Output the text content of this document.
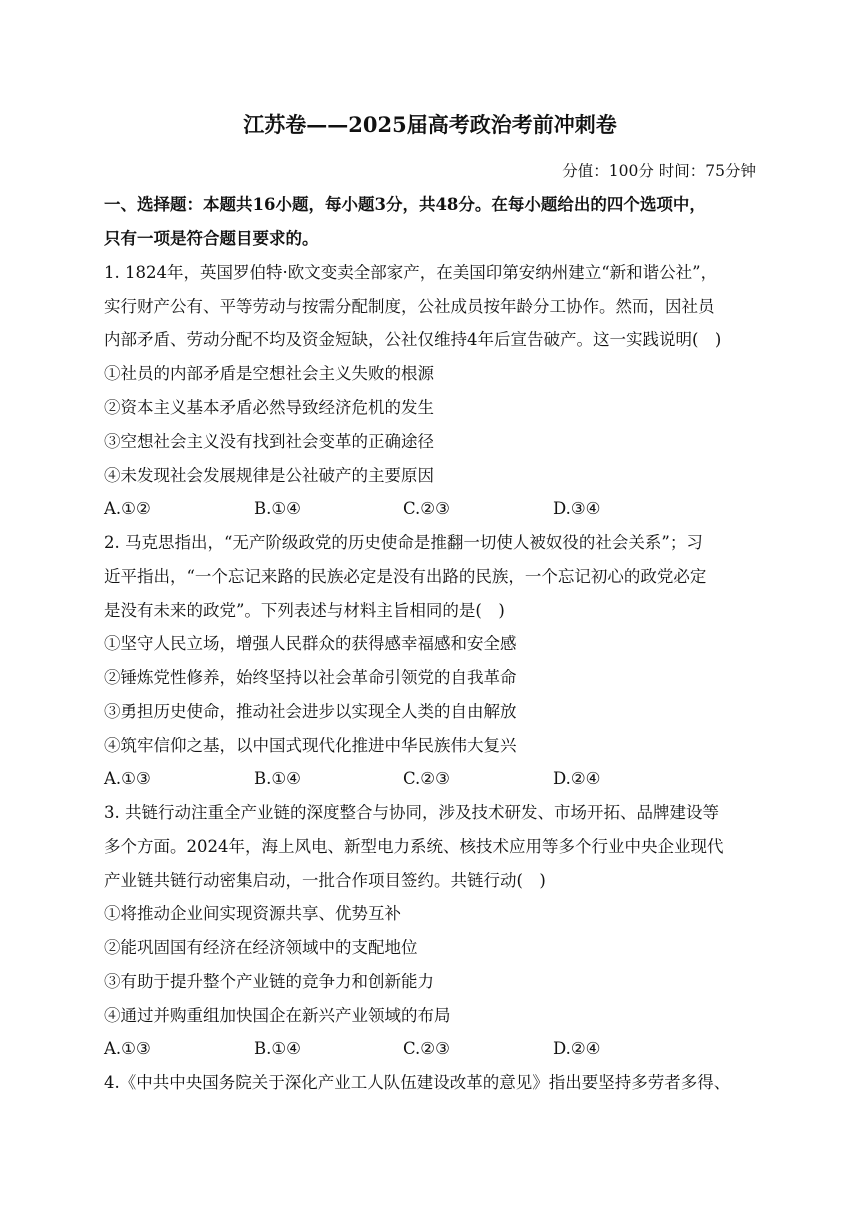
江苏卷——2025届高考政治考前冲刺卷
分值：100分 时间：75分钟
一、选择题：本题共16小题，每小题3分，共48分。在每小题给出的四个选项中，
只有一项是符合题目要求的。
1. 1824年，英国罗伯特·欧文变卖全部家产，在美国印第安纳州建立“新和谐公社”，
实行财产公有、平等劳动与按需分配制度，公社成员按年龄分工协作。然而，因社员
内部矛盾、劳动分配不均及资金短缺，公社仅维持4年后宣告破产。这一实践说明(　)
①社员的内部矛盾是空想社会主义失败的根源
②资本主义基本矛盾必然导致经济危机的发生
③空想社会主义没有找到社会变革的正确途径
④未发现社会发展规律是公社破产的主要原因
A.①②	B.①④	C.②③	D.③④
2. 马克思指出，“无产阶级政党的历史使命是推翻一切使人被奴役的社会关系”；习
近平指出，“一个忘记来路的民族必定是没有出路的民族，一个忘记初心的政党必定
是没有未来的政党”。下列表述与材料主旨相同的是(　)
①坚守人民立场，增强人民群众的获得感幸福感和安全感
②锤炼党性修养，始终坚持以社会革命引领党的自我革命
③勇担历史使命，推动社会进步以实现全人类的自由解放
④筑牢信仰之基，以中国式现代化推进中华民族伟大复兴
A.①③	B.①④	C.②③	D.②④
3. 共链行动注重全产业链的深度整合与协同，涉及技术研发、市场开拓、品牌建设等
多个方面。2024年，海上风电、新型电力系统、核技术应用等多个行业中央企业现代
产业链共链行动密集启动，一批合作项目签约。共链行动(　)
①将推动企业间实现资源共享、优势互补
②能巩固国有经济在经济领域中的支配地位
③有助于提升整个产业链的竞争力和创新能力
④通过并购重组加快国企在新兴产业领域的布局
A.①③	B.①④	C.②③	D.②④
4.《中共中央国务院关于深化产业工人队伍建设改革的意见》指出要坚持多劳者多得、
